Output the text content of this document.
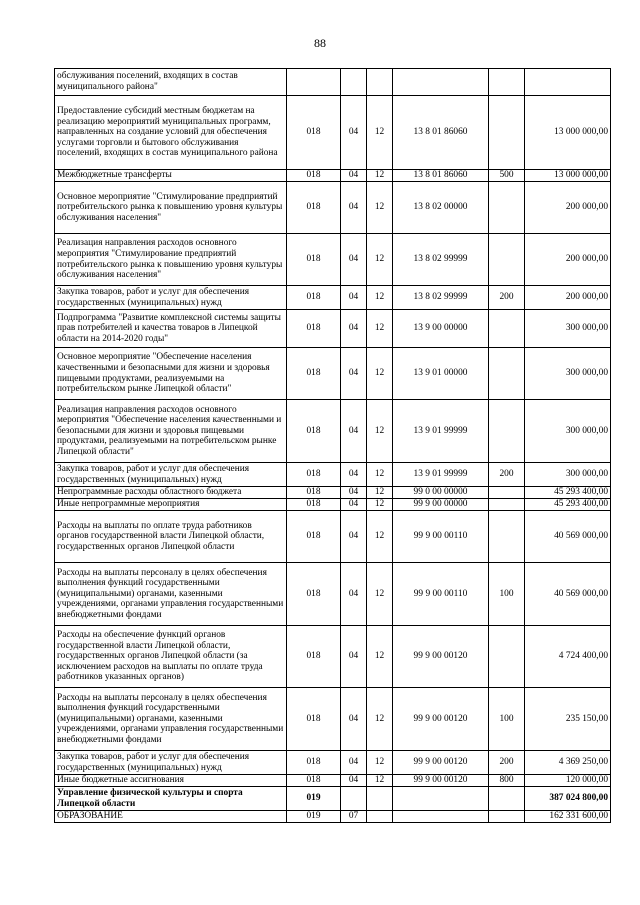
88
обслуживания поселений, входящих в состав муниципального района"						
Предоставление субсидий местным бюджетам на реализацию мероприятий муниципальных программ, направленных на создание условий для обеспечения услугами торговли и бытового обслуживания поселений, входящих в состав муниципального района	018	04	12	13 8 01 86060		13 000 000,00
Межбюджетные трансферты	018	04	12	13 8 01 86060	500	13 000 000,00
Основное мероприятие "Стимулирование предприятий потребительского рынка к повышению уровня культуры обслуживания населения"	018	04	12	13 8 02 00000		200 000,00
Реализация направления расходов основного мероприятия "Стимулирование предприятий потребительского рынка к повышению уровня культуры обслуживания населения"	018	04	12	13 8 02 99999		200 000,00
Закупка товаров, работ и услуг для обеспечения государственных (муниципальных) нужд	018	04	12	13 8 02 99999	200	200 000,00
Подпрограмма "Развитие комплексной системы защиты прав потребителей и качества товаров в Липецкой области на 2014-2020 годы"	018	04	12	13 9 00 00000		300 000,00
Основное мероприятие "Обеспечение населения качественными и безопасными для жизни и здоровья пищевыми продуктами, реализуемыми на потребительском рынке Липецкой области"	018	04	12	13 9 01 00000		300 000,00
Реализация направления расходов основного мероприятия "Обеспечение населения качественными и безопасными для жизни и здоровья пищевыми продуктами, реализуемыми на потребительском рынке Липецкой области"	018	04	12	13 9 01 99999		300 000,00
Закупка товаров, работ и услуг для обеспечения государственных (муниципальных) нужд	018	04	12	13 9 01 99999	200	300 000,00
Непрограммные расходы областного бюджета	018	04	12	99 0 00 00000		45 293 400,00
Иные непрограммные мероприятия	018	04	12	99 9 00 00000		45 293 400,00
Расходы на выплаты по оплате труда работников органов государственной власти Липецкой области, государственных органов Липецкой области	018	04	12	99 9 00 00110		40 569 000,00
Расходы на выплаты персоналу в целях обеспечения выполнения функций государственными (муниципальными) органами, казенными учреждениями, органами управления государственными внебюджетными фондами	018	04	12	99 9 00 00110	100	40 569 000,00
Расходы на обеспечение функций органов государственной власти Липецкой области, государственных органов Липецкой области (за исключением расходов на выплаты по оплате труда работников указанных органов)	018	04	12	99 9 00 00120		4 724 400,00
Расходы на выплаты персоналу в целях обеспечения выполнения функций государственными (муниципальными) органами, казенными учреждениями, органами управления государственными внебюджетными фондами	018	04	12	99 9 00 00120	100	235 150,00
Закупка товаров, работ и услуг для обеспечения государственных (муниципальных) нужд	018	04	12	99 9 00 00120	200	4 369 250,00
Иные бюджетные ассигнования	018	04	12	99 9 00 00120	800	120 000,00
Управление физической культуры и спорта Липецкой области	019					387 024 800,00
ОБРАЗОВАНИЕ	019	07				162 331 600,00
